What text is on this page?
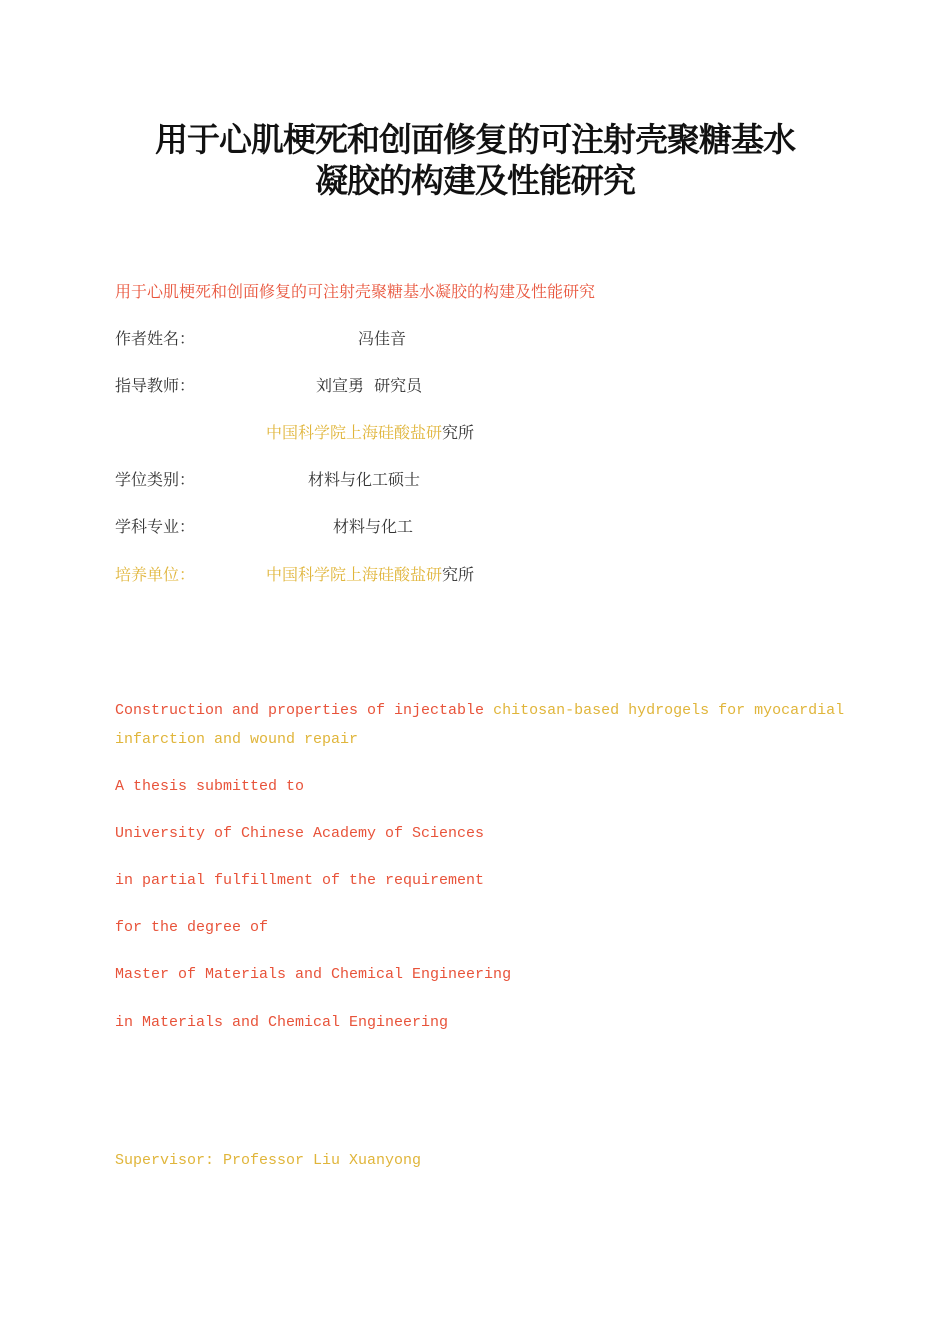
用于心肌梗死和创面修复的可注射壳聚糖基水
凝胶的构建及性能研究
用于心肌梗死和创面修复的可注射壳聚糖基水凝胶的构建及性能研究
作者姓名：	冯佳音
指导教师：	刘宣勇  研究员
中国科学院上海硅酸盐研究所
学位类别：	材料与化工硕士
学科专业：	材料与化工
培养单位：	中国科学院上海硅酸盐研究所
Construction and properties of injectable chitosan-based hydrogels for myocardial
infarction and wound repair
A thesis submitted to
University of Chinese Academy of Sciences
in partial fulfillment of the requirement
for the degree of
Master of Materials and Chemical Engineering
in Materials and Chemical Engineering
Supervisor: Professor Liu Xuanyong
